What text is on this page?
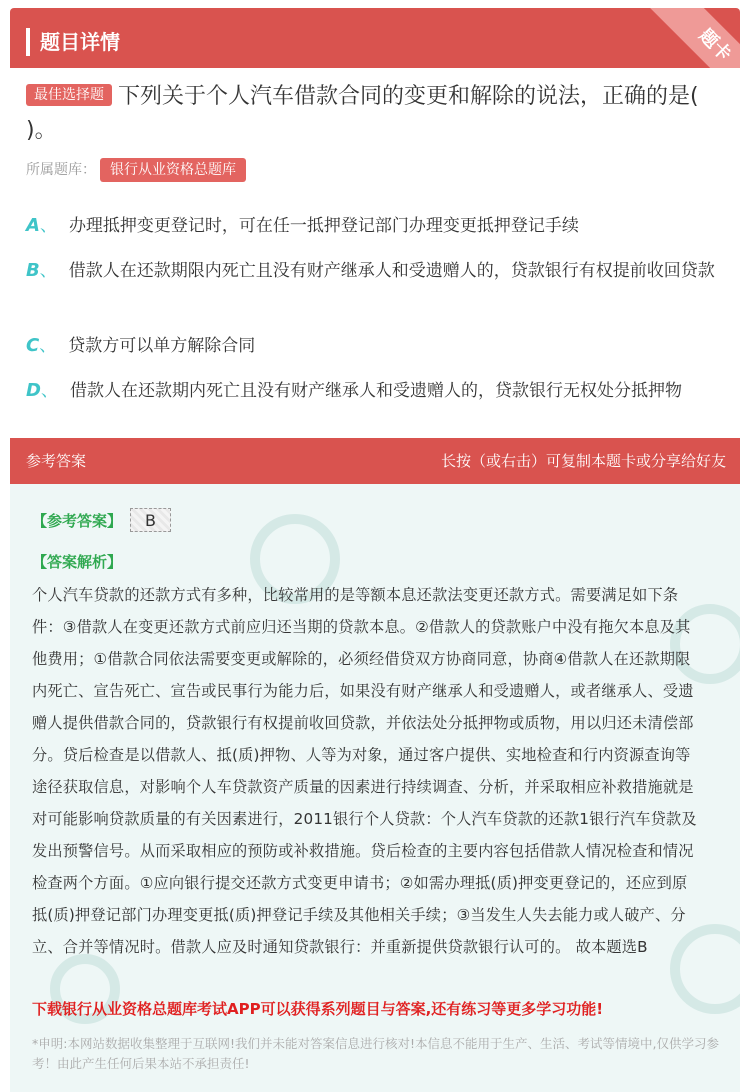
题目详情	题卡
最佳选择题 下列关于个人汽车借款合同的变更和解除的说法，正确的是( )。
所属题库： 银行从业资格总题库
A、 办理抵押变更登记时，可在任一抵押登记部门办理变更抵押登记手续
B、 借款人在还款期限内死亡且没有财产继承人和受遗赠人的，贷款银行有权提前收回贷款
C、 贷款方可以单方解除合同
D、 借款人在还款期内死亡且没有财产继承人和受遗赠人的，贷款银行无权处分抵押物
参考答案	长按（或右击）可复制本题卡或分享给好友
【参考答案】 B
【答案解析】
个人汽车贷款的还款方式有多种，比较常用的是等额本息还款法变更还款方式。需要满足如下条件：③借款人在变更还款方式前应归还当期的贷款本息。②借款人的贷款账户中没有拖欠本息及其他费用；①借款合同依法需要变更或解除的，必须经借贷双方协商同意，协商④借款人在还款期限内死亡、宣告死亡、宣告或民事行为能力后，如果没有财产继承人和受遗赠人，或者继承人、受遗赠人提供借款合同的，贷款银行有权提前收回贷款，并依法处分抵押物或质物，用以归还未清偿部分。贷后检查是以借款人、抵(质)押物、人等为对象，通过客户提供、实地检查和行内资源查询等途径获取信息，对影响个人车贷款资产质量的因素进行持续调查、分析，并采取相应补救措施就是对可能影响贷款质量的有关因素进行，2011银行个人贷款：个人汽车贷款的还款1银行汽车贷款及发出预警信号。从而采取相应的预防或补救措施。贷后检查的主要内容包括借款人情况检查和情况检查两个方面。①应向银行提交还款方式变更申请书；②如需办理抵(质)押变更登记的，还应到原抵(质)押登记部门办理变更抵(质)押登记手续及其他相关手续；③当发生人失去能力或人破产、分立、合并等情况时。借款人应及时通知贷款银行：并重新提供贷款银行认可的。 故本题选B
下载银行从业资格总题库考试APP可以获得系列题目与答案,还有练习等更多学习功能!
*申明:本网站数据收集整理于互联网!我们并未能对答案信息进行核对!本信息不能用于生产、生活、考试等情境中,仅供学习参考！由此产生任何后果本站不承担责任!
